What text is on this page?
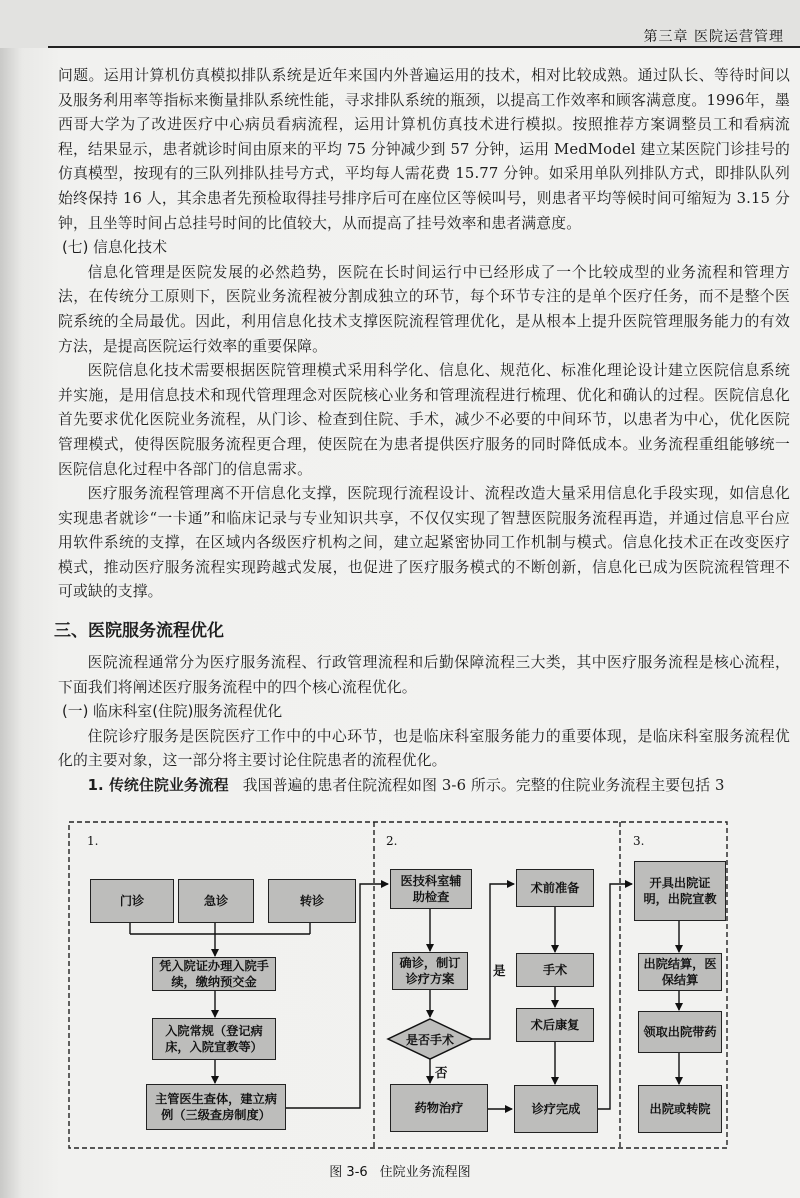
第三章 医院运营管理

问题。运用计算机仿真模拟排队系统是近年来国内外普遍运用的技术，相对比较成熟。通过队长、等待时间以及服务利用率等指标来衡量排队系统性能，寻求排队系统的瓶颈，以提高工作效率和顾客满意度。1996年，墨西哥大学为了改进医疗中心病员看病流程，运用计算机仿真技术进行模拟。按照推荐方案调整员工和看病流程，结果显示，患者就诊时间由原来的平均 75 分钟减少到 57 分钟，运用 MedModel 建立某医院门诊挂号的仿真模型，按现有的三队列排队挂号方式，平均每人需花费 15.77 分钟。如采用单队列排队方式，即排队队列始终保持 16 人，其余患者先预检取得挂号排序后可在座位区等候叫号，则患者平均等候时间可缩短为 3.15 分钟，且坐等时间占总挂号时间的比值较大，从而提高了挂号效率和患者满意度。

(七) 信息化技术

信息化管理是医院发展的必然趋势，医院在长时间运行中已经形成了一个比较成型的业务流程和管理方法，在传统分工原则下，医院业务流程被分割成独立的环节，每个环节专注的是单个医疗任务，而不是整个医院系统的全局最优。因此，利用信息化技术支撑医院流程管理优化，是从根本上提升医院管理服务能力的有效方法，是提高医院运行效率的重要保障。

医院信息化技术需要根据医院管理模式采用科学化、信息化、规范化、标准化理论设计建立医院信息系统并实施，是用信息技术和现代管理理念对医院核心业务和管理流程进行梳理、优化和确认的过程。医院信息化首先要求优化医院业务流程，从门诊、检查到住院、手术，减少不必要的中间环节，以患者为中心，优化医院管理模式，使得医院服务流程更合理，使医院在为患者提供医疗服务的同时降低成本。业务流程重组能够统一医院信息化过程中各部门的信息需求。

医疗服务流程管理离不开信息化支撑，医院现行流程设计、流程改造大量采用信息化手段实现，如信息化实现患者就诊“一卡通”和临床记录与专业知识共享，不仅仅实现了智慧医院服务流程再造，并通过信息平台应用软件系统的支撑，在区域内各级医疗机构之间，建立起紧密协同工作机制与模式。信息化技术正在改变医疗模式，推动医疗服务流程实现跨越式发展，也促进了医疗服务模式的不断创新，信息化已成为医院流程管理不可或缺的支撑。

三、医院服务流程优化

医院流程通常分为医疗服务流程、行政管理流程和后勤保障流程三大类，其中医疗服务流程是核心流程，下面我们将阐述医疗服务流程中的四个核心流程优化。

(一) 临床科室(住院)服务流程优化

住院诊疗服务是医院医疗工作中的中心环节，也是临床科室服务能力的重要体现，是临床科室服务流程优化的主要对象，这一部分将主要讨论住院患者的流程优化。

1. 传统住院业务流程 我国普遍的患者住院流程如图 3-6 所示。完整的住院业务流程主要包括 3

1.	2.	3.
门诊	急诊	转诊
凭入院证办理入院手续，缴纳预交金
入院常规（登记病床，入院宣教等）
主管医生查体，建立病例（三级查房制度）
医技科室辅助检查
确诊，制订诊疗方案
是否手术
药物治疗
是
否
术前准备
手术
术后康复
诊疗完成
开具出院证明，出院宣教
出院结算，医保结算
领取出院带药
出院或转院
图 3-6 住院业务流程图
